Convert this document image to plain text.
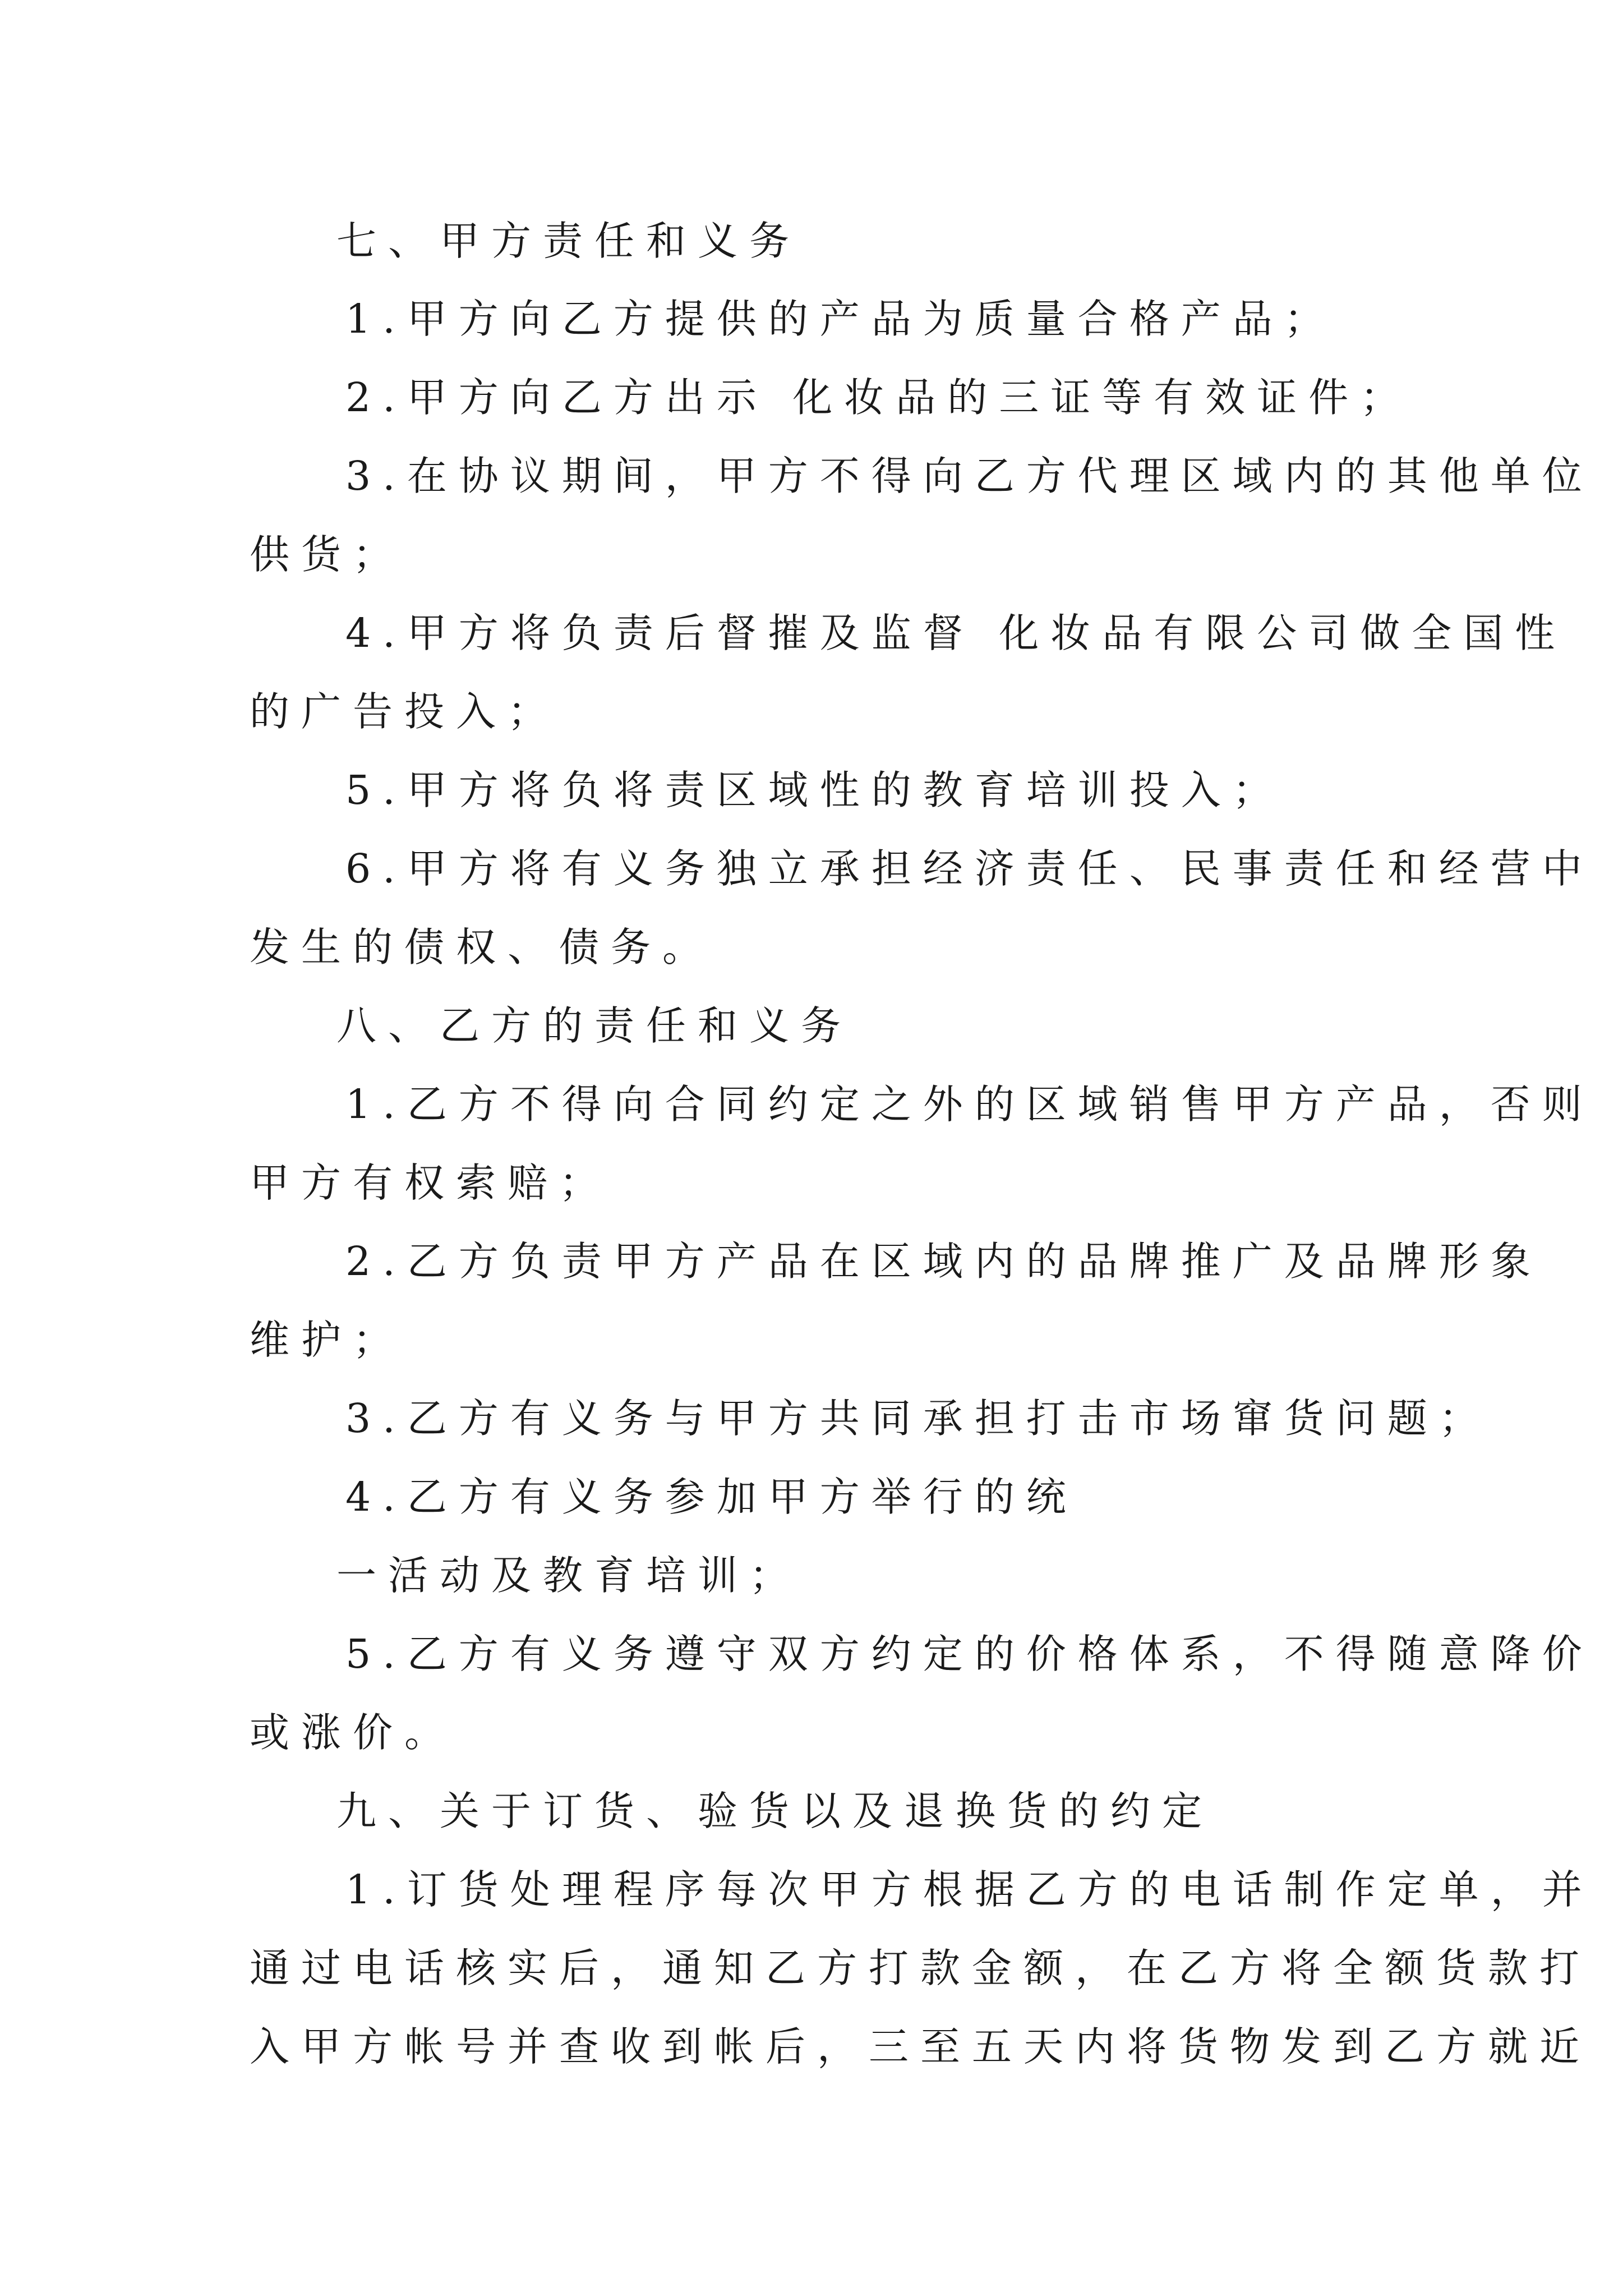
七、甲方责任和义务

1.甲方向乙方提供的产品为质量合格产品；

2.甲方向乙方出示 化妆品的三证等有效证件；

3.在协议期间，甲方不得向乙方代理区域内的其他单位

供货；

4.甲方将负责后督摧及监督 化妆品有限公司做全国性

的广告投入；

5.甲方将负将责区域性的教育培训投入；

6.甲方将有义务独立承担经济责任、民事责任和经营中

发生的债权、债务。

八、乙方的责任和义务

1.乙方不得向合同约定之外的区域销售甲方产品，否则

甲方有权索赔；

2.乙方负责甲方产品在区域内的品牌推广及品牌形象

维护；

3.乙方有义务与甲方共同承担打击市场窜货问题；

4.乙方有义务参加甲方举行的统

一活动及教育培训；

5.乙方有义务遵守双方约定的价格体系，不得随意降价

或涨价。

九、关于订货、验货以及退换货的约定

1.订货处理程序每次甲方根据乙方的电话制作定单，并

通过电话核实后，通知乙方打款金额，在乙方将全额货款打

入甲方帐号并查收到帐后，三至五天内将货物发到乙方就近
